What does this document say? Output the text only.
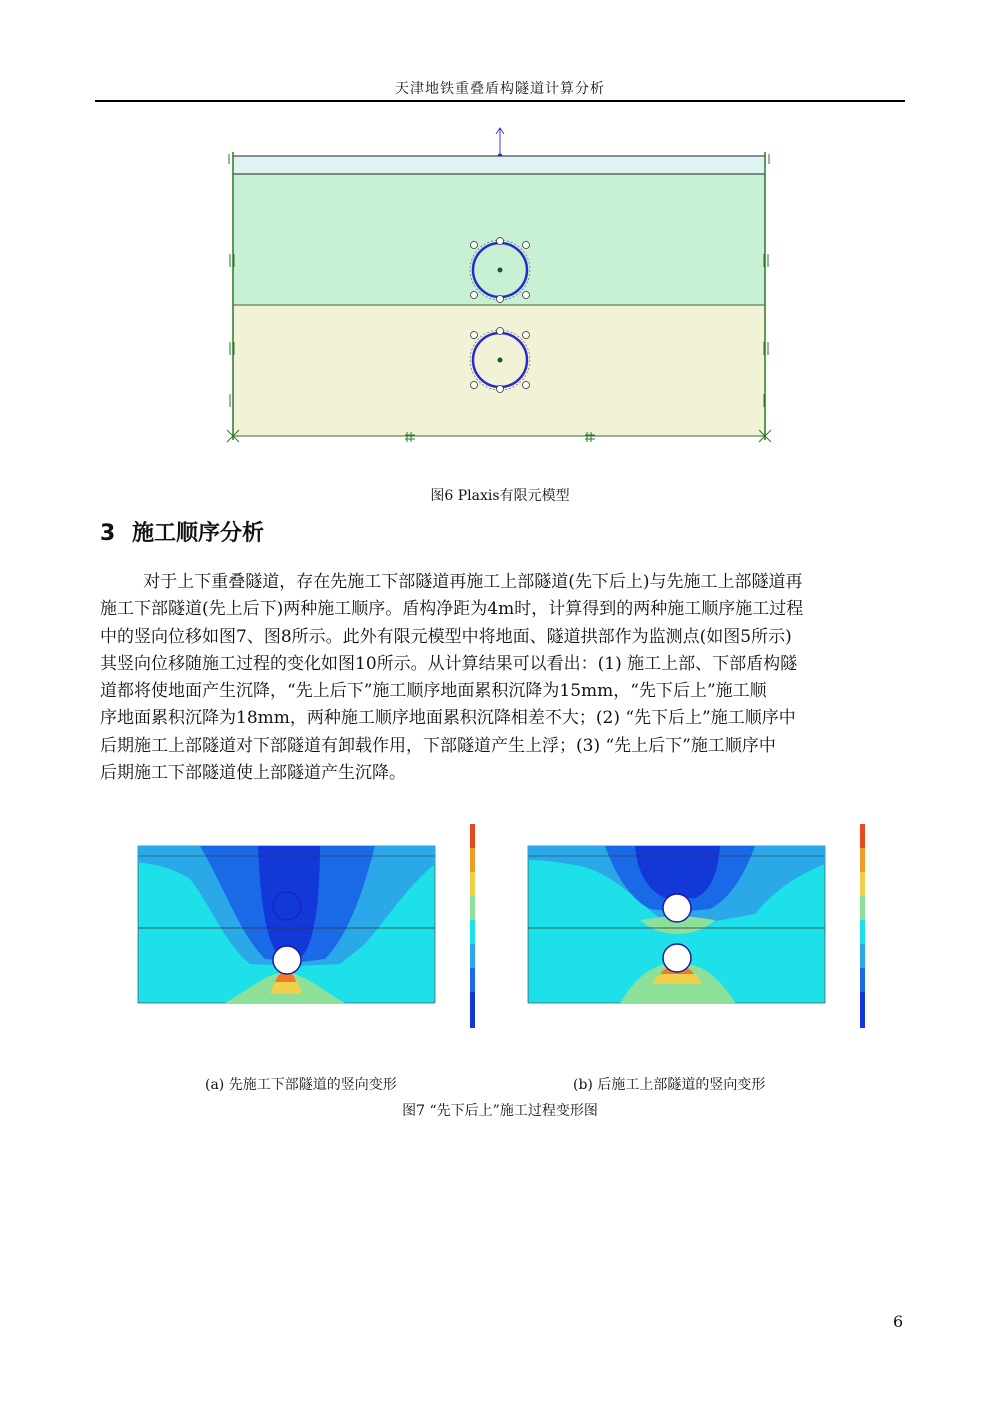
天津地铁重叠盾构隧道计算分析
图6 Plaxis有限元模型
3 施工顺序分析
对于上下重叠隧道，存在先施工下部隧道再施工上部隧道(先下后上)与先施工上部隧道再
施工下部隧道(先上后下)两种施工顺序。盾构净距为4m时，计算得到的两种施工顺序施工过程
中的竖向位移如图7、图8所示。此外有限元模型中将地面、隧道拱部作为监测点(如图5所示)
其竖向位移随施工过程的变化如图10所示。从计算结果可以看出：(1) 施工上部、下部盾构隧
道都将使地面产生沉降，“先上后下”施工顺序地面累积沉降为15mm，“先下后上”施工顺
序地面累积沉降为18mm，两种施工顺序地面累积沉降相差不大；(2) “先下后上”施工顺序中
后期施工上部隧道对下部隧道有卸载作用，下部隧道产生上浮；(3) “先上后下”施工顺序中
后期施工下部隧道使上部隧道产生沉降。
(a) 先施工下部隧道的竖向变形	(b) 后施工上部隧道的竖向变形
图7 “先下后上”施工过程变形图
6
